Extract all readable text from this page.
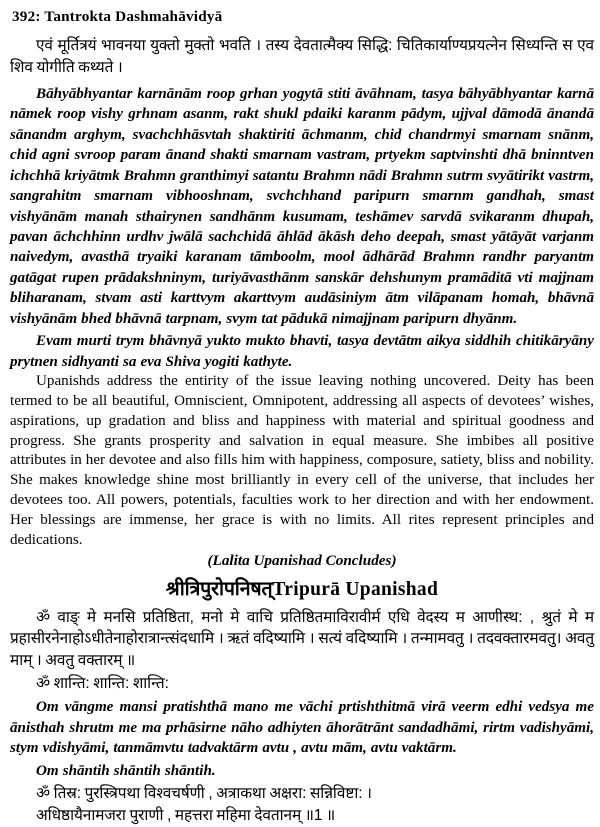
392: Tantrokta Dashmahāvidyā

एवं मूर्तित्रयं भावनया युक्तो मुक्तो भवति । तस्य देवतात्मैक्य सिद्धि: चितिकार्याण्यप्रयत्नेन सिध्यन्ति स एव शिव योगीति कथ्यते ।

Bāhyābhyantar karnānām roop grhan yogytā stiti āvāhnam, tasya bāhyābhyantar karnā nāmek roop vishy grhnam asanm, rakt shukl pdaiki karanm pādym, ujjval dāmodā ānandā sānandm arghym, svachchhāsvtah shaktiriti āchmanm, chid chandrmyi smarnam snānm, chid agni svroop param ānand shakti smarnam vastram, prtyekm saptvinshti dhā bninntven ichchhā kriyātmk Brahmn granthimyi satantu Brahmn nādi Brahmn sutrm svyātirikt vastrm, sangrahitm smarnam vibhooshnam, svchchhand paripurn smarnm gandhah, smast vishyānām manah sthairynen sandhānm kusumam, teshāmev sarvdā svikaranm dhupah, pavan āchchhinn urdhv jwālā sachchidā āhlād ākāsh deho deepah, smast yātāyāt varjanm naivedym, avasthā tryaiki karanam tāmboolm, mool ādhārād Brahmn randhr paryantm gatāgat rupen prādakshninym, turiyāvasthānm sanskār dehshunym pramāditā vti majjnam bliharanam, stvam asti karttvym akarttvym audāsiniym ātm vilāpanam homah, bhāvnā vishyānām bhed bhāvnā tarpnam, svym tat pādukā nimajjnam paripurn dhyānm.

Evam murti trym bhāvnyā yukto mukto bhavti, tasya devtātm aikya siddhih chitikāryāny prytnen sidhyanti sa eva Shiva yogiti kathyte.

Upanishds address the entirity of the issue leaving nothing uncovered. Deity has been termed to be all beautiful, Omniscient, Omnipotent, addressing all aspects of devotees’ wishes, aspirations, up gradation and bliss and happiness with material and spiritual goodness and progress. She grants prosperity and salvation in equal measure. She imbibes all positive attributes in her devotee and also fills him with happiness, composure, satiety, bliss and nobility. She makes knowledge shine most brilliantly in every cell of the universe, that includes her devotees too. All powers, potentials, faculties work to her direction and with her endowment. Her blessings are immense, her grace is with no limits. All rites represent principles and dedications.

(Lalita Upanishad Concludes)

श्रीत्रिपुरोपनिषत्Tripurā Upanishad

ॐ वाङ् मे मनसि प्रतिष्ठिता, मनो मे वाचि प्रतिष्ठितमाविरावीर्म एधि वेदस्य म आणीस्थ: , श्रुतं मे म प्रहासीरनेनाहोऽधीतेनाहोरात्रान्त्संदधामि । ऋतं वदिष्यामि । सत्यं वदिष्यामि । तन्मामवतु । तदवक्तारमवतु। अवतु माम् । अवतु वक्तारम् ॥

ॐ शान्ति: शान्ति: शान्ति:

Om vāngme mansi pratishthā mano me vāchi prtishthitmā virā veerm edhi vedsya me ānisthah shrutm me ma prhāsirne nāho adhiyten āhorātrānt sandadhāmi, rirtm vadishyāmi, stym vdishyāmi, tanmāmvtu tadvaktārm avtu , avtu mām, avtu vaktārm.

Om shāntih shāntih shāntih.

ॐ तिस्र: पुरस्त्रिपथा विश्वचर्षणी , अत्राकथा अक्षरा: सन्निविष्टा: ।

अधिष्ठायैनामजरा पुराणी , महत्तरा महिमा देवतानम् ॥1 ॥
